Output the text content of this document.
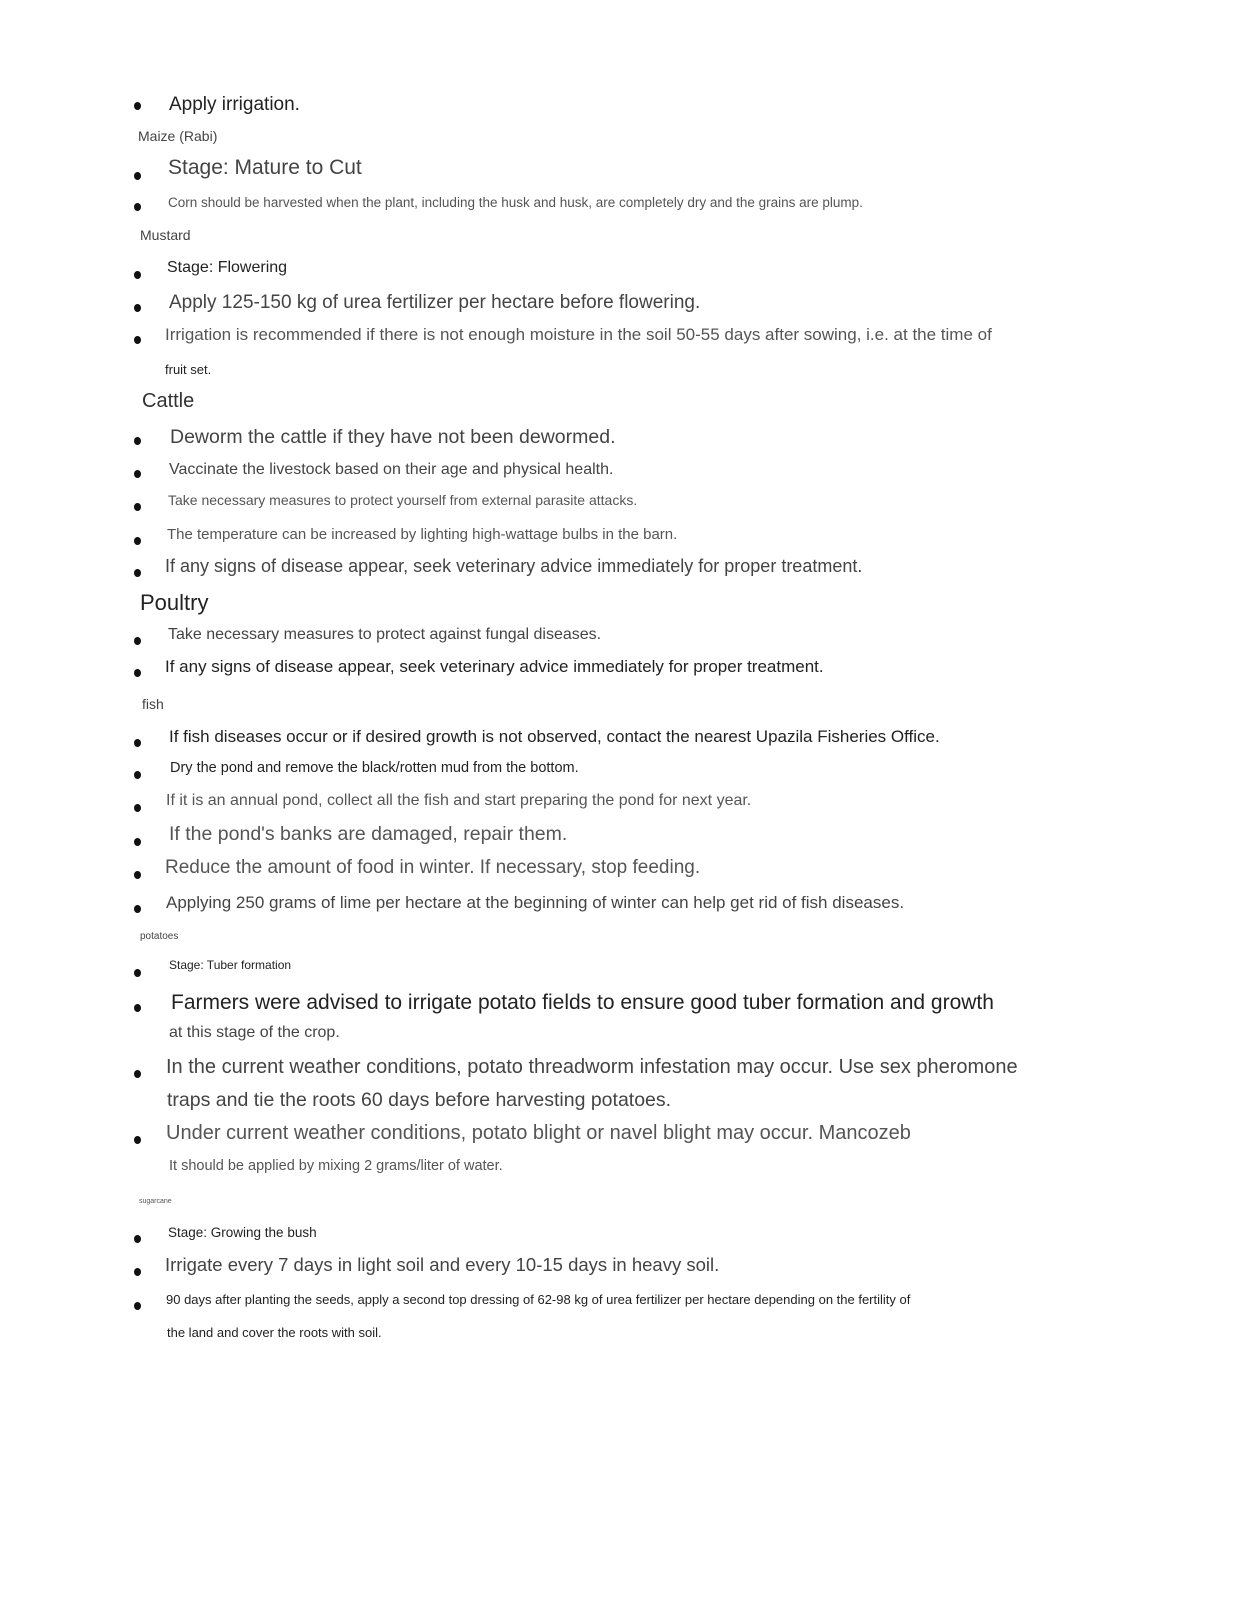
Apply irrigation.
Maize (Rabi)
Stage: Mature to Cut
Corn should be harvested when the plant, including the husk and husk, are completely dry and the grains are plump.
Mustard
Stage: Flowering
Apply 125-150 kg of urea fertilizer per hectare before flowering.
Irrigation is recommended if there is not enough moisture in the soil 50-55 days after sowing, i.e. at the time of
fruit set.
Cattle
Deworm the cattle if they have not been dewormed.
Vaccinate the livestock based on their age and physical health.
Take necessary measures to protect yourself from external parasite attacks.
The temperature can be increased by lighting high-wattage bulbs in the barn.
If any signs of disease appear, seek veterinary advice immediately for proper treatment.
Poultry
Take necessary measures to protect against fungal diseases.
If any signs of disease appear, seek veterinary advice immediately for proper treatment.
fish
If fish diseases occur or if desired growth is not observed, contact the nearest Upazila Fisheries Office.
Dry the pond and remove the black/rotten mud from the bottom.
If it is an annual pond, collect all the fish and start preparing the pond for next year.
If the pond's banks are damaged, repair them.
Reduce the amount of food in winter. If necessary, stop feeding.
Applying 250 grams of lime per hectare at the beginning of winter can help get rid of fish diseases.
potatoes
Stage: Tuber formation
Farmers were advised to irrigate potato fields to ensure good tuber formation and growth
at this stage of the crop.
In the current weather conditions, potato threadworm infestation may occur. Use sex pheromone
traps and tie the roots 60 days before harvesting potatoes.
Under current weather conditions, potato blight or navel blight may occur. Mancozeb
It should be applied by mixing 2 grams/liter of water.
sugarcane
Stage: Growing the bush
Irrigate every 7 days in light soil and every 10-15 days in heavy soil.
90 days after planting the seeds, apply a second top dressing of 62-98 kg of urea fertilizer per hectare depending on the fertility of
the land and cover the roots with soil.
